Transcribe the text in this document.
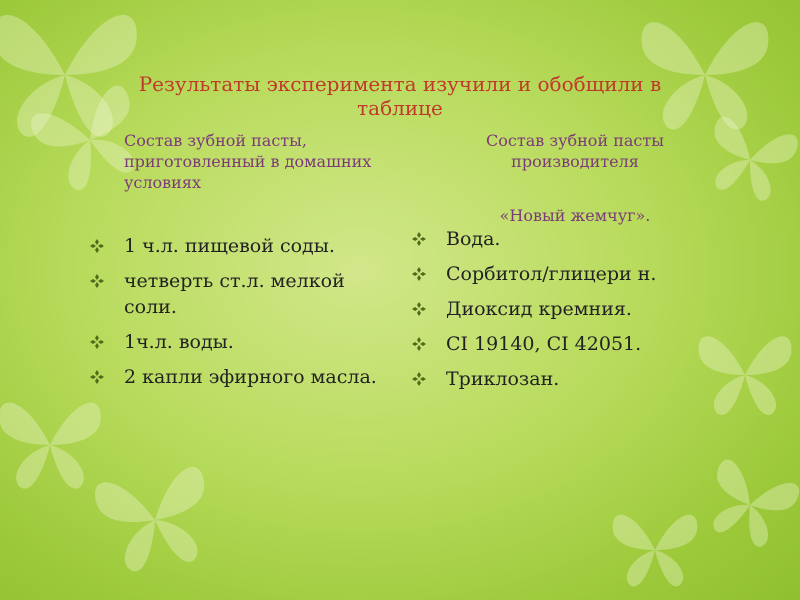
Результаты эксперимента изучили и обобщили в таблице

Состав зубной пасты, приготовленный в домашних условиях

Состав зубной пасты производителя

«Новый жемчуг».
1 ч.л. пищевой соды.
четверть ст.л. мелкой соли.
1ч.л. воды.
2 капли эфирного масла.
Вода.
Сорбитол/глицери н.
Диоксид кремния.
CI 19140, CI 42051.
Триклозан.
